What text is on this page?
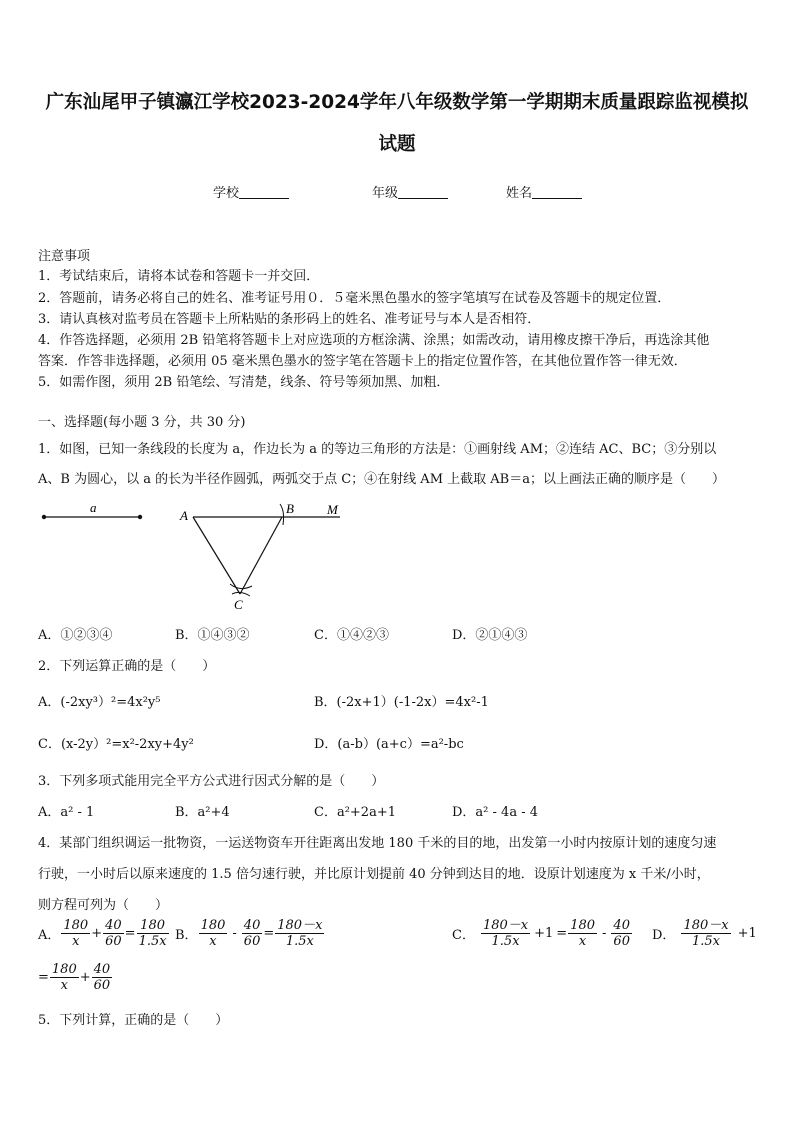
广东汕尾甲子镇瀛江学校2023-2024学年八年级数学第一学期期末质量跟踪监视模拟
试题
学校	年级	姓名
注意事项
1．考试结束后，请将本试卷和答题卡一并交回．
2．答题前，请务必将自己的姓名、准考证号用０．５毫米黑色墨水的签字笔填写在试卷及答题卡的规定位置．
3．请认真核对监考员在答题卡上所粘贴的条形码上的姓名、准考证号与本人是否相符．
4．作答选择题，必须用 2B 铅笔将答题卡上对应选项的方框涂满、涂黑；如需改动，请用橡皮擦干净后，再选涂其他
答案．作答非选择题，必须用 05 毫米黑色墨水的签字笔在答题卡上的指定位置作答，在其他位置作答一律无效．
5．如需作图，须用 2B 铅笔绘、写清楚，线条、符号等须加黑、加粗．
一、选择题(每小题 3 分，共 30 分)
1．如图，已知一条线段的长度为 a，作边长为 a 的等边三角形的方法是：①画射线 AM；②连结 AC、BC；③分别以
A、B 为圆心，以 a 的长为半径作圆弧，两弧交于点 C；④在射线 AM 上截取 AB＝a；以上画法正确的顺序是（　　）
a
A	B	M
C
A．①②③④	B．①④③②	C．①④②③	D．②①④③
2．下列运算正确的是（　　）
A．(-2xy³）²=4x²y⁵	B．(-2x+1）(-1-2x）=4x²-1
C．(x-2y）²=x²-2xy+4y²	D．(a-b）(a+c）=a²-bc
3．下列多项式能用完全平方公式进行因式分解的是（　　）
A．a² - 1	B．a²+4	C．a²+2a+1	D．a² - 4a - 4
4．某部门组织调运一批物资，一运送物资车开往距离出发地 180 千米的目的地，出发第一小时内按原计划的速度匀速
行驶，一小时后以原来速度的 1.5 倍匀速行驶，并比原计划提前 40 分钟到达目的地．设原计划速度为 x 千米/小时，
则方程可列为（　　）
A． $\frac{180}{x} + \frac{40}{60} = \frac{180}{1.5x}$ B． $\frac{180}{x} - \frac{40}{60} = \frac{180-x}{1.5x}$	C． $\frac{180-x}{1.5x} +1 = \frac{180}{x} - \frac{40}{60}$ D． $\frac{180-x}{1.5x} +1$
= $\frac{180}{x} + \frac{40}{60}$
5．下列计算，正确的是（　　）
